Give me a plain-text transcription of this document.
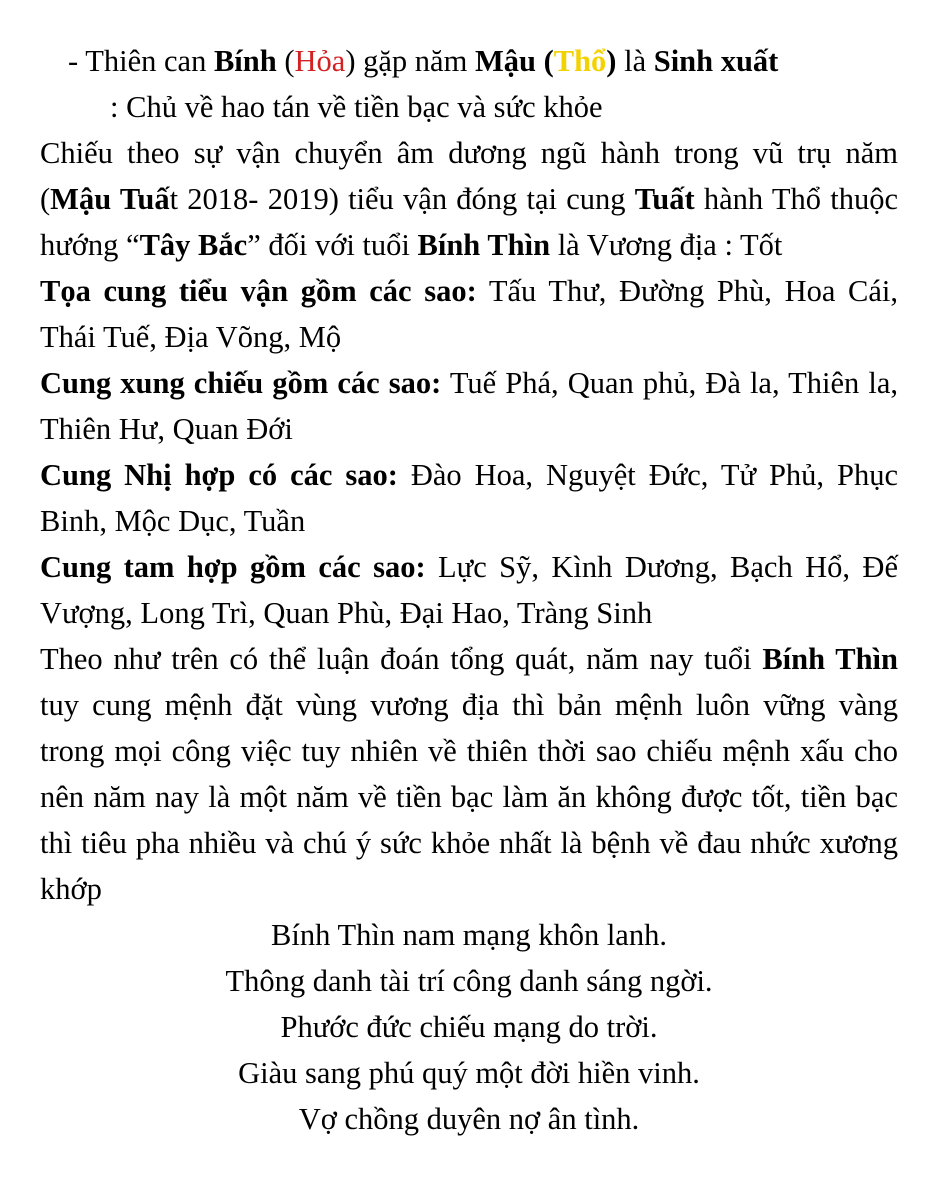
- Thiên can Bính (Hỏa) gặp năm Mậu (Thổ) là Sinh xuất
: Chủ về hao tán về tiền bạc và sức khỏe

Chiếu theo sự vận chuyển âm dương ngũ hành trong vũ trụ năm (Mậu Tuất 2018- 2019) tiểu vận đóng tại cung Tuất hành Thổ thuộc hướng “Tây Bắc” đối với tuổi Bính Thìn là Vương địa : Tốt

Tọa cung tiểu vận gồm các sao: Tấu Thư, Đường Phù, Hoa Cái, Thái Tuế, Địa Võng, Mộ

Cung xung chiếu gồm các sao: Tuế Phá, Quan phủ, Đà la, Thiên la, Thiên Hư, Quan Đới

Cung Nhị hợp có các sao: Đào Hoa, Nguyệt Đức, Tử Phủ, Phục Binh, Mộc Dục, Tuần

Cung tam hợp gồm các sao: Lực Sỹ, Kình Dương, Bạch Hổ, Đế Vượng, Long Trì, Quan Phù, Đại Hao, Tràng Sinh

Theo như trên có thể luận đoán tổng quát, năm nay tuổi Bính Thìn tuy cung mệnh đặt vùng vương địa thì bản mệnh luôn vững vàng trong mọi công việc tuy nhiên về thiên thời sao chiếu mệnh xấu cho nên năm nay là một năm về tiền bạc làm ăn không được tốt, tiền bạc thì tiêu pha nhiều và chú ý sức khỏe nhất là bệnh về đau nhức xương khớp

Bính Thìn nam mạng khôn lanh.
Thông danh tài trí công danh sáng ngời.
Phước đức chiếu mạng do trời.
Giàu sang phú quý một đời hiền vinh.
Vợ chồng duyên nợ ân tình.
